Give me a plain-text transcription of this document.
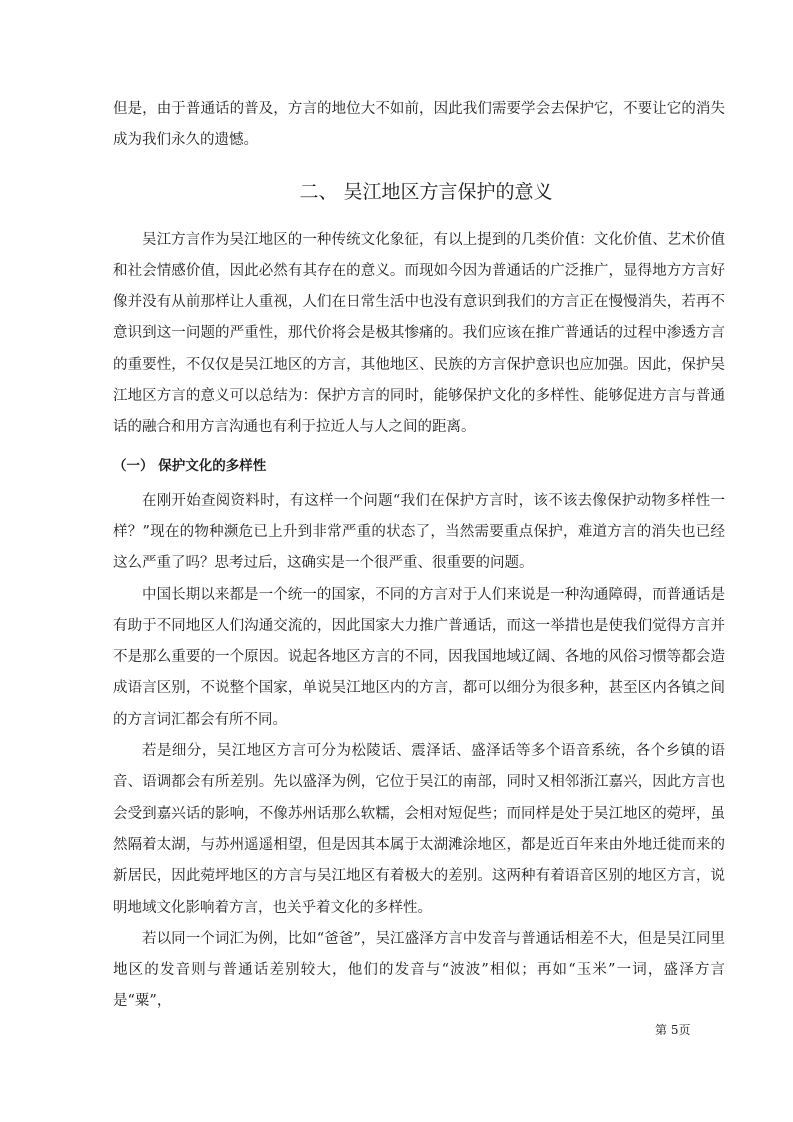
但是，由于普通话的普及，方言的地位大不如前，因此我们需要学会去保护它，不要让它的消失成为我们永久的遗憾。

二、 吴江地区方言保护的意义

吴江方言作为吴江地区的一种传统文化象征，有以上提到的几类价值：文化价值、艺术价值和社会情感价值，因此必然有其存在的意义。而现如今因为普通话的广泛推广，显得地方方言好像并没有从前那样让人重视，人们在日常生活中也没有意识到我们的方言正在慢慢消失，若再不意识到这一问题的严重性，那代价将会是极其惨痛的。我们应该在推广普通话的过程中渗透方言的重要性，不仅仅是吴江地区的方言，其他地区、民族的方言保护意识也应加强。因此，保护吴江地区方言的意义可以总结为：保护方言的同时，能够保护文化的多样性、能够促进方言与普通话的融合和用方言沟通也有利于拉近人与人之间的距离。

（一） 保护文化的多样性

在刚开始查阅资料时，有这样一个问题“我们在保护方言时，该不该去像保护动物多样性一样？”现在的物种濒危已上升到非常严重的状态了，当然需要重点保护，难道方言的消失也已经这么严重了吗？思考过后，这确实是一个很严重、很重要的问题。

中国长期以来都是一个统一的国家，不同的方言对于人们来说是一种沟通障碍，而普通话是有助于不同地区人们沟通交流的，因此国家大力推广普通话，而这一举措也是使我们觉得方言并不是那么重要的一个原因。说起各地区方言的不同，因我国地域辽阔、各地的风俗习惯等都会造成语言区别，不说整个国家，单说吴江地区内的方言，都可以细分为很多种，甚至区内各镇之间的方言词汇都会有所不同。

若是细分，吴江地区方言可分为松陵话、震泽话、盛泽话等多个语音系统，各个乡镇的语音、语调都会有所差别。先以盛泽为例，它位于吴江的南部，同时又相邻浙江嘉兴，因此方言也会受到嘉兴话的影响，不像苏州话那么软糯，会相对短促些；而同样是处于吴江地区的菀坪，虽然隔着太湖，与苏州遥遥相望，但是因其本属于太湖滩涂地区，都是近百年来由外地迁徙而来的新居民，因此菀坪地区的方言与吴江地区有着极大的差别。这两种有着语音区别的地区方言，说明地域文化影响着方言，也关乎着文化的多样性。

若以同一个词汇为例，比如“爸爸”，吴江盛泽方言中发音与普通话相差不大，但是吴江同里地区的发音则与普通话差别较大，他们的发音与“波波”相似；再如“玉米”一词，盛泽方言是“粟”，

第 5页
